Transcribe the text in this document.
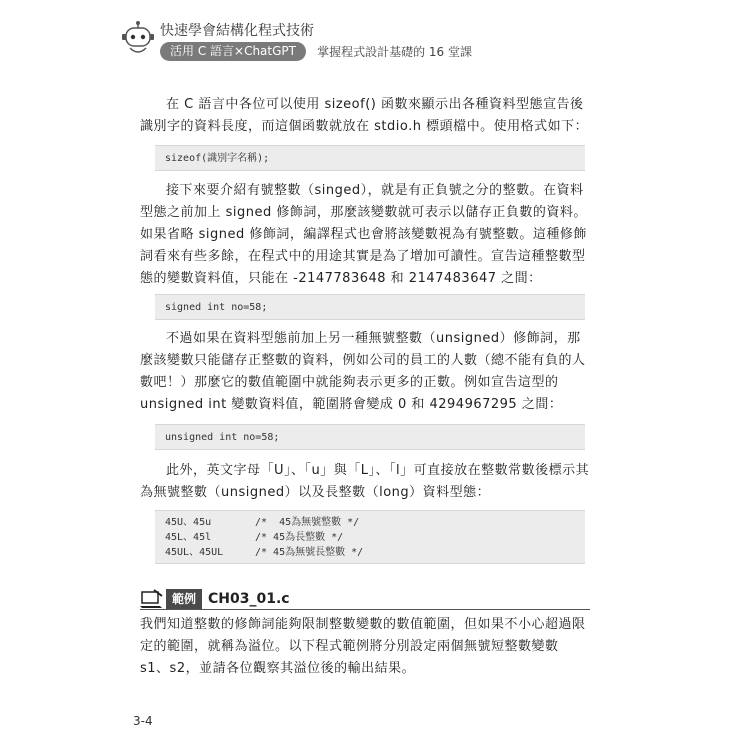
快速學會結構化程式技術
活用 C 語言×ChatGPT 掌握程式設計基礎的 16 堂課

在 C 語言中各位可以使用 sizeof() 函數來顯示出各種資料型態宣告後識別字的資料長度，而這個函數就放在 stdio.h 標頭檔中。使用格式如下：

sizeof(識別字名稱);

接下來要介紹有號整數（singed），就是有正負號之分的整數。在資料型態之前加上 signed 修飾詞，那麼該變數就可表示以儲存正負數的資料。如果省略 signed 修飾詞，編譯程式也會將該變數視為有號整數。這種修飾詞看來有些多餘，在程式中的用途其實是為了增加可讀性。宣告這種整數型態的變數資料值，只能在 -2147783648 和 2147483647 之間：

signed int no=58;

不過如果在資料型態前加上另一種無號整數（unsigned）修飾詞，那麼該變數只能儲存正整數的資料，例如公司的員工的人數（總不能有負的人數吧！）那麼它的數值範圍中就能夠表示更多的正數。例如宣告這型的 unsigned int 變數資料值，範圍將會變成 0 和 4294967295 之間：

unsigned int no=58;

此外，英文字母「U」、「u」與「L」、「l」可直接放在整數常數後標示其為無號整數（unsigned）以及長整數（long）資料型態：

45U、45u	/*  45為無號整數 */
45L、45l	/* 45為長整數 */
45UL、45UL	/* 45為無號長整數 */
範例 CH03_01.c

我們知道整數的修飾詞能夠限制整數變數的數值範圍，但如果不小心超過限定的範圍，就稱為溢位。以下程式範例將分別設定兩個無號短整數變數 s1、s2，並請各位觀察其溢位後的輸出結果。

3-4
